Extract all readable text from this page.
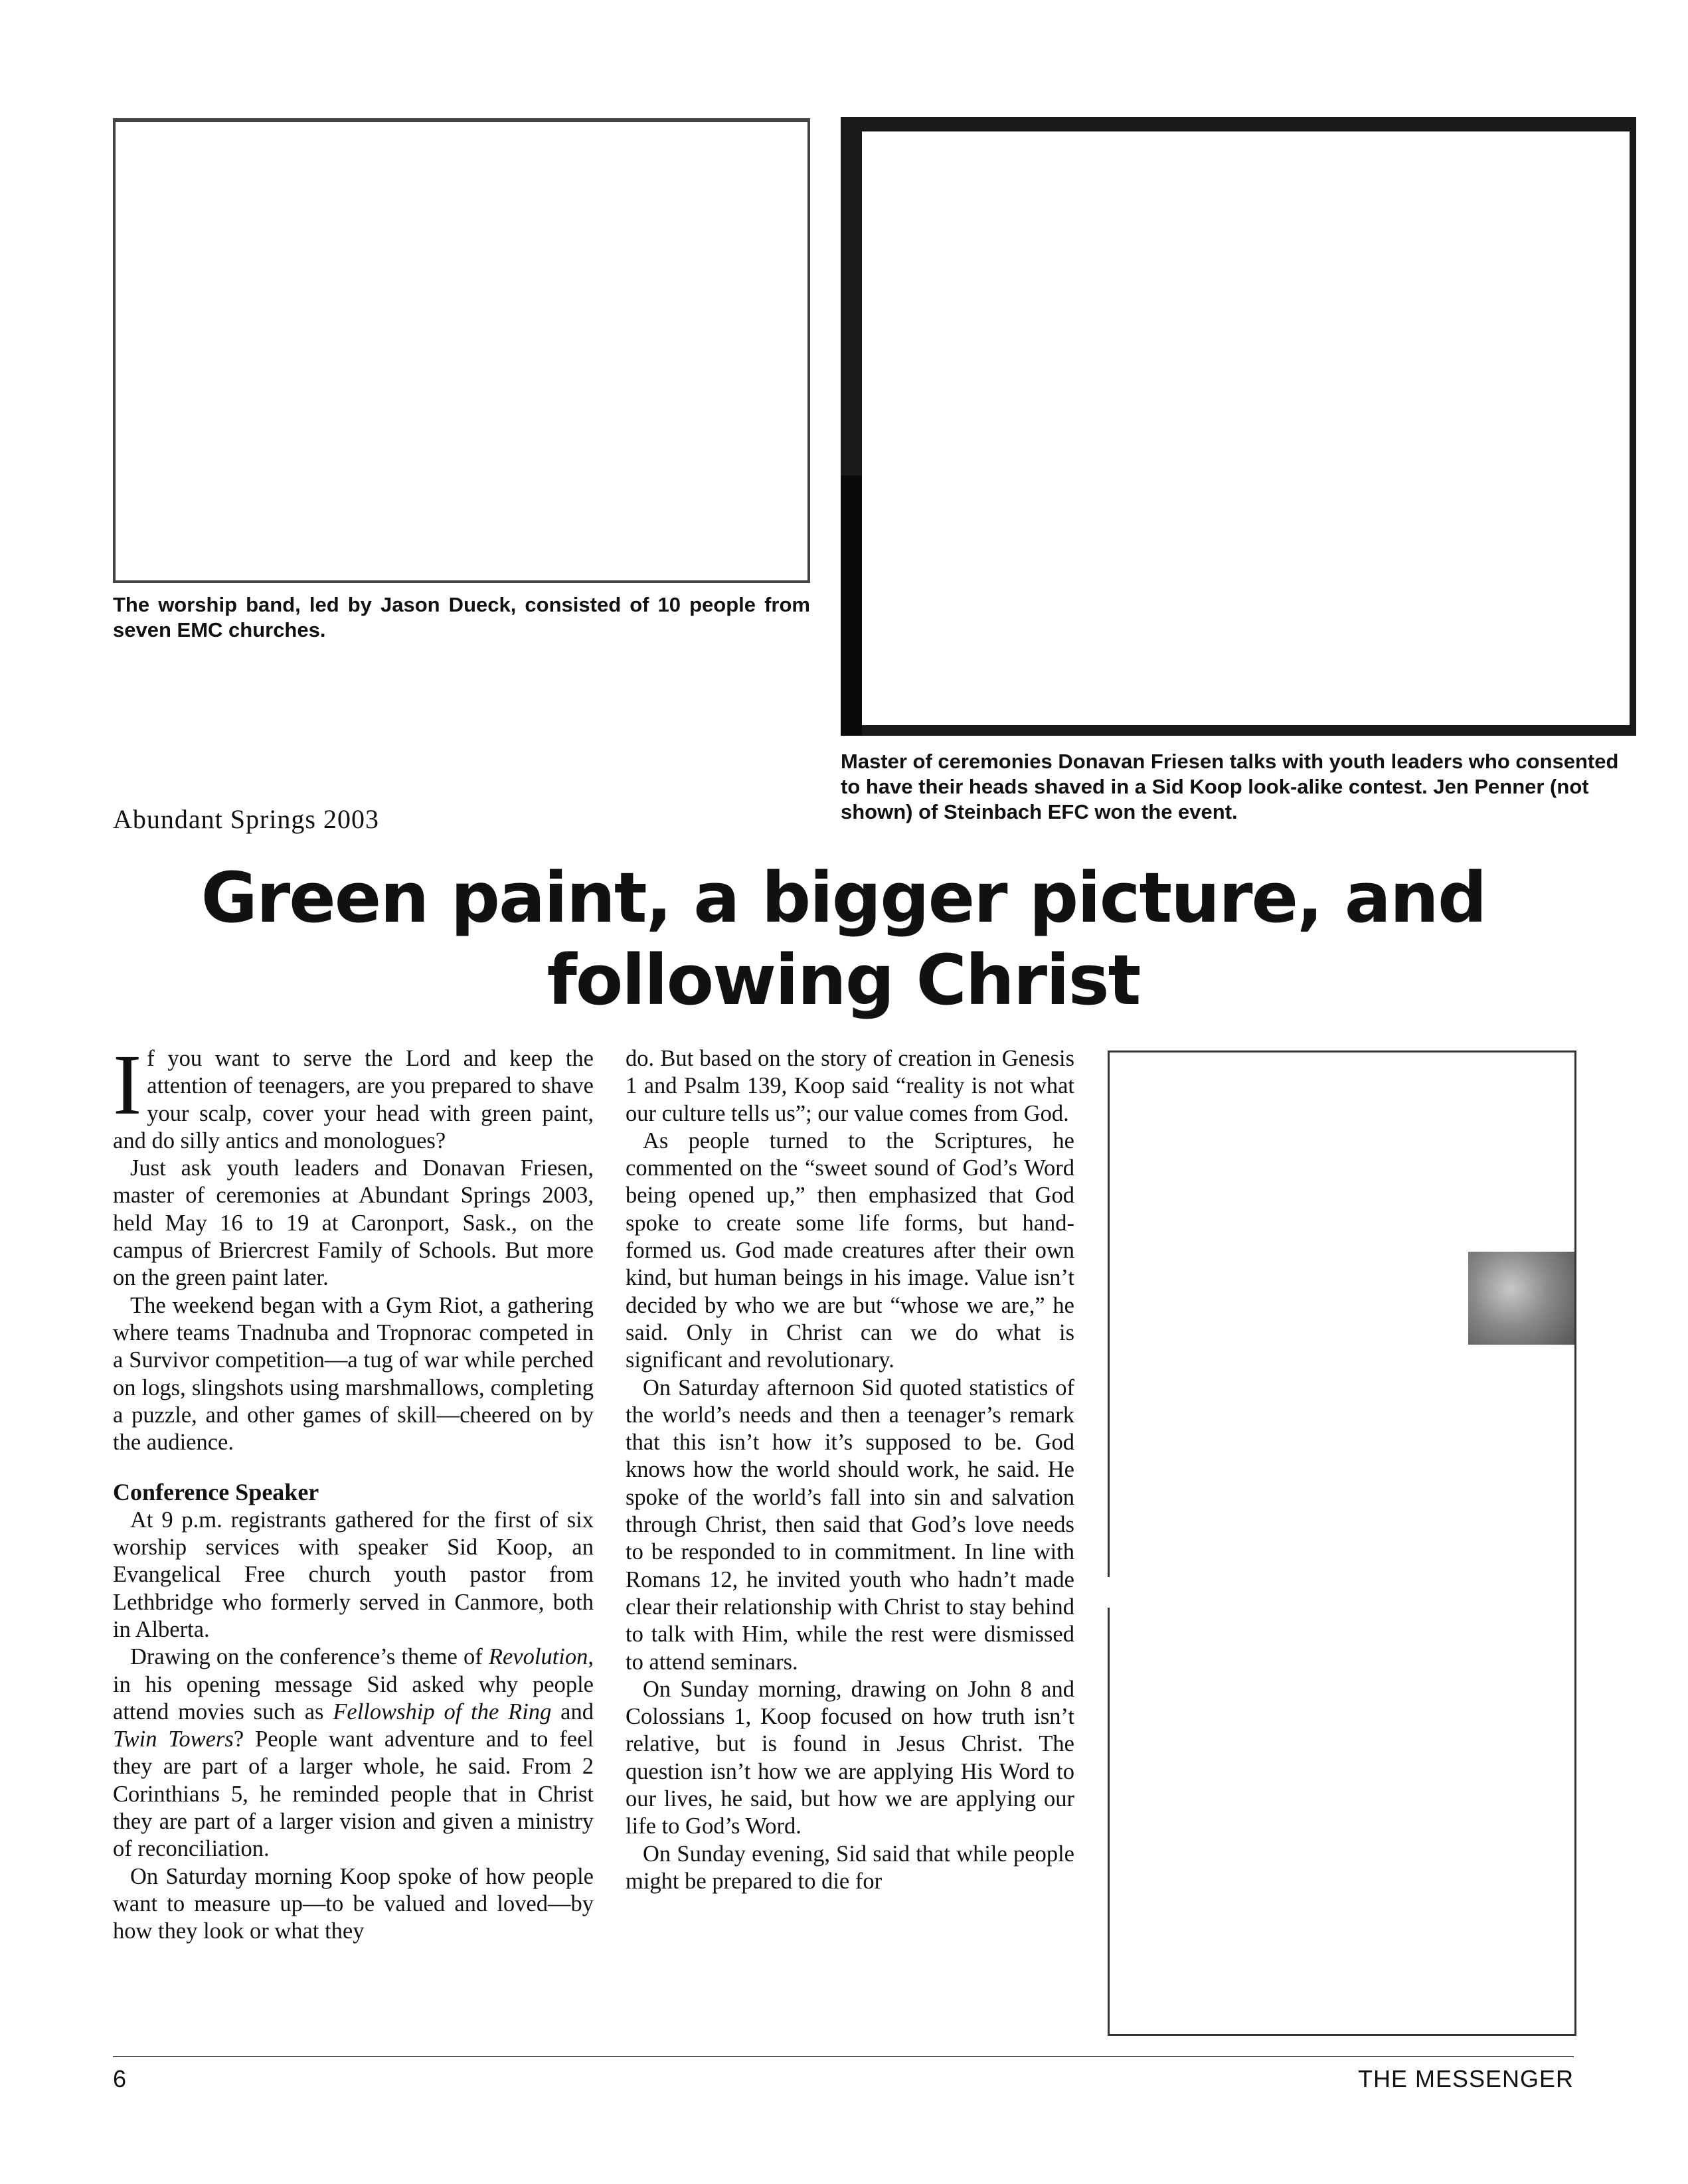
The worship band, led by Jason Dueck, consisted of 10 people from seven EMC churches.

Master of ceremonies Donavan Friesen talks with youth leaders who consented to have their heads shaved in a Sid Koop look-alike contest. Jen Penner (not shown) of Steinbach EFC won the event.

Abundant Springs 2003

Green paint, a bigger picture, and following Christ

If you want to serve the Lord and keep the attention of teenagers, are you prepared to shave your scalp, cover your head with green paint, and do silly antics and monologues?

Just ask youth leaders and Donavan Friesen, master of ceremonies at Abundant Springs 2003, held May 16 to 19 at Caronport, Sask., on the campus of Briercrest Family of Schools. But more on the green paint later.

The weekend began with a Gym Riot, a gathering where teams Tnadnuba and Tropnorac competed in a Survivor competition—a tug of war while perched on logs, slingshots using marshmallows, completing a puzzle, and other games of skill—cheered on by the audience.

Conference Speaker

At 9 p.m. registrants gathered for the first of six worship services with speaker Sid Koop, an Evangelical Free church youth pastor from Lethbridge who formerly served in Canmore, both in Alberta.

Drawing on the conference’s theme of Revolution, in his opening message Sid asked why people attend movies such as Fellowship of the Ring and Twin Towers? People want adventure and to feel they are part of a larger whole, he said. From 2 Corinthians 5, he reminded people that in Christ they are part of a larger vision and given a ministry of reconciliation.

On Saturday morning Koop spoke of how people want to measure up—to be valued and loved—by how they look or what they

do. But based on the story of creation in Genesis 1 and Psalm 139, Koop said “reality is not what our culture tells us”; our value comes from God.

As people turned to the Scriptures, he commented on the “sweet sound of God’s Word being opened up,” then emphasized that God spoke to create some life forms, but hand-formed us. God made creatures after their own kind, but human beings in his image. Value isn’t decided by who we are but “whose we are,” he said. Only in Christ can we do what is significant and revolutionary.

On Saturday afternoon Sid quoted statistics of the world’s needs and then a teenager’s remark that this isn’t how it’s supposed to be. God knows how the world should work, he said. He spoke of the world’s fall into sin and salvation through Christ, then said that God’s love needs to be responded to in commitment. In line with Romans 12, he invited youth who hadn’t made clear their relationship with Christ to stay behind to talk with Him, while the rest were dismissed to attend seminars.

On Sunday morning, drawing on John 8 and Colossians 1, Koop focused on how truth isn’t relative, but is found in Jesus Christ. The question isn’t how we are applying His Word to our lives, he said, but how we are applying our life to God’s Word.

On Sunday evening, Sid said that while people might be prepared to die for

6	THE MESSENGER
